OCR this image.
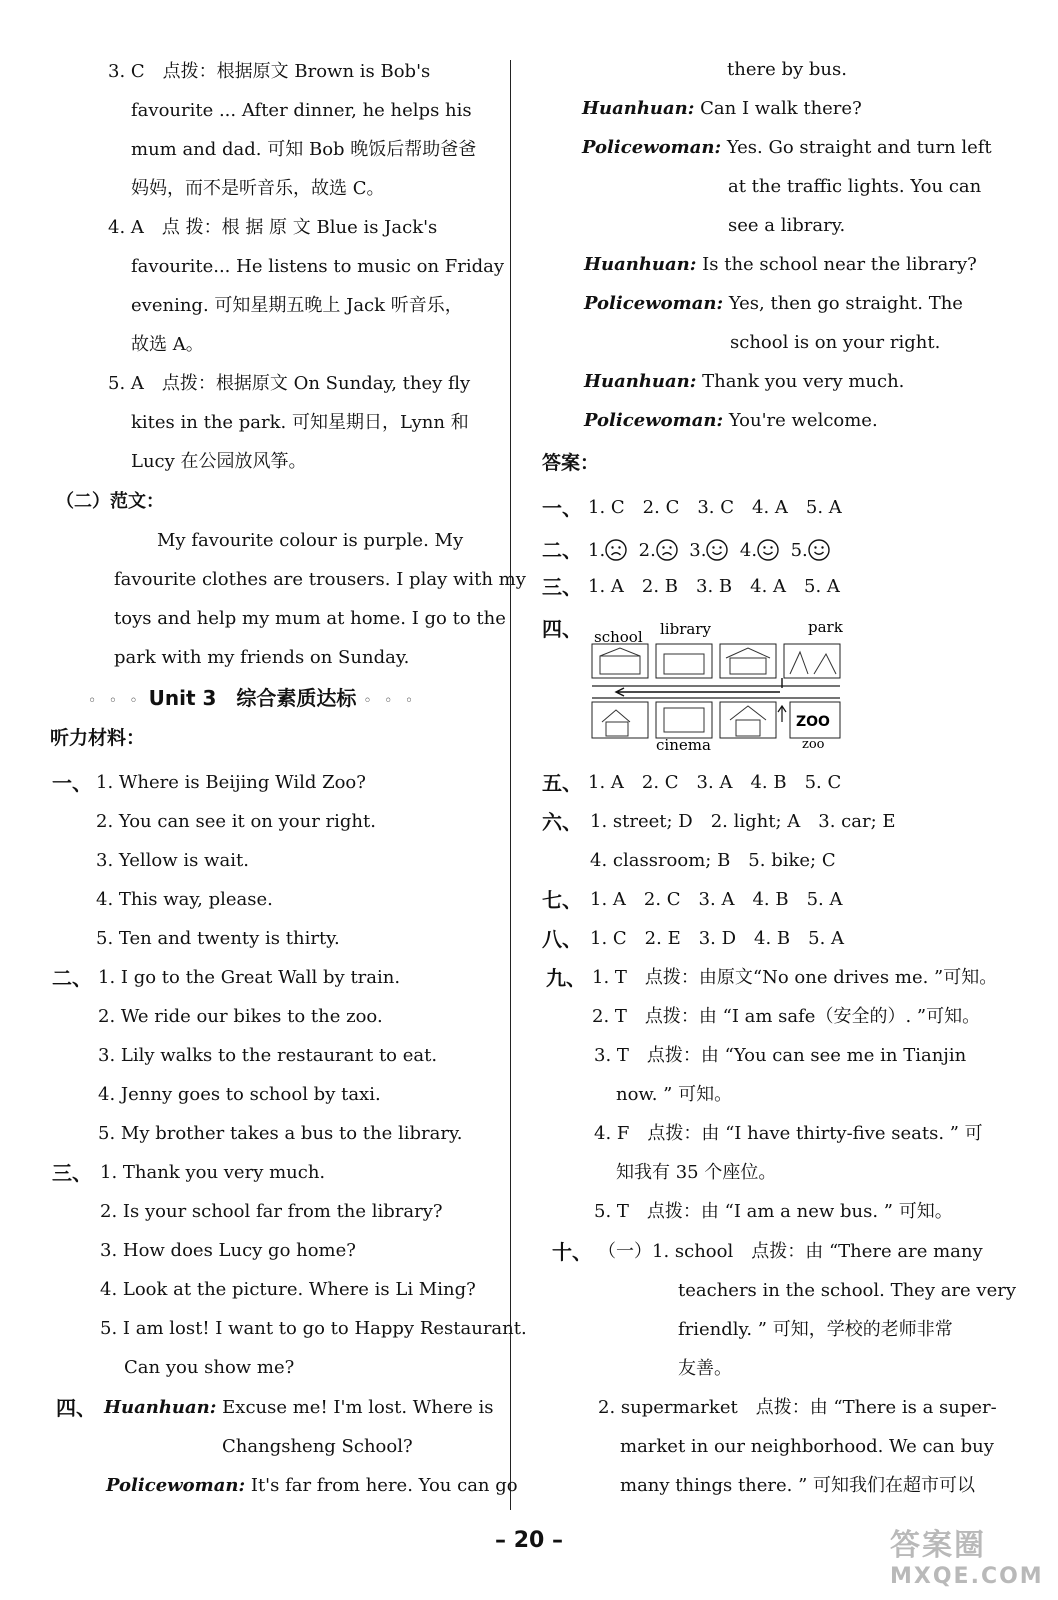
3. C　点拨：根据原文 Brown is Bob's
favourite ... After dinner, he helps his
mum and dad. 可知 Bob 晚饭后帮助爸爸
妈妈，而不是听音乐，故选 C。
4. A　点 拨：根 据 原 文 Blue is Jack's
favourite... He listens to music on Friday
evening. 可知星期五晚上 Jack 听音乐，
故选 A。
5. A　点拨：根据原文 On Sunday, they fly
kites in the park. 可知星期日，Lynn 和
Lucy 在公园放风筝。
（二）范文：
My favourite colour is purple. My
favourite clothes are trousers. I play with my
toys and help my mum at home. I go to the
park with my friends on Sunday.
◦ ◦ ◦ Unit 3　综合素质达标 ◦ ◦ ◦
听力材料：
一、 1. Where is Beijing Wild Zoo?
2. You can see it on your right.
3. Yellow is wait.
4. This way, please.
5. Ten and twenty is thirty.
二、 1. I go to the Great Wall by train.
2. We ride our bikes to the zoo.
3. Lily walks to the restaurant to eat.
4. Jenny goes to school by taxi.
5. My brother takes a bus to the library.
三、 1. Thank you very much.
2. Is your school far from the library?
3. How does Lucy go home?
4. Look at the picture. Where is Li Ming?
5. I am lost! I want to go to Happy Restaurant.
Can you show me?
四、 Huanhuan: Excuse me! I'm lost. Where is
Changsheng School?
Policewoman: It's far from here. You can go
there by bus.
Huanhuan: Can I walk there?
Policewoman: Yes. Go straight and turn left
at the traffic lights. You can
see a library.
Huanhuan: Is the school near the library?
Policewoman: Yes, then go straight. The
school is on your right.
Huanhuan: Thank you very much.
Policewoman: You're welcome.
答案：
一、 1. C　2. C　3. C　4. A　5. A
二、 1. 2. 3. 4. 5.
三、 1. A　2. B　3. B　4. A　5. A
四、 school library	park
ZOO
cinema	zoo
五、 1. A　2. C　3. A　4. B　5. C
六、 1. street; D　2. light; A　3. car; E
4. classroom; B　5. bike; C
七、 1. A　2. C　3. A　4. B　5. A
八、 1. C　2. E　3. D　4. B　5. A
九、 1. T　点拨：由原文“No one drives me. ”可知。
2. T　点拨：由 “I am safe（安全的）. ”可知。
3. T　点拨：由 “You can see me in Tianjin
now. ” 可知。
4. F　点拨：由 “I have thirty-five seats. ” 可
知我有 35 个座位。
5. T　点拨：由 “I am a new bus. ” 可知。
十、 （一）1. school　点拨：由 “There are many
teachers in the school. They are very
friendly. ” 可知，学校的老师非常
友善。
2. supermarket　点拨：由 “There is a super-
market in our neighborhood. We can buy
many things there. ” 可知我们在超市可以
– 20 –	答案圈
MXQE.COM
